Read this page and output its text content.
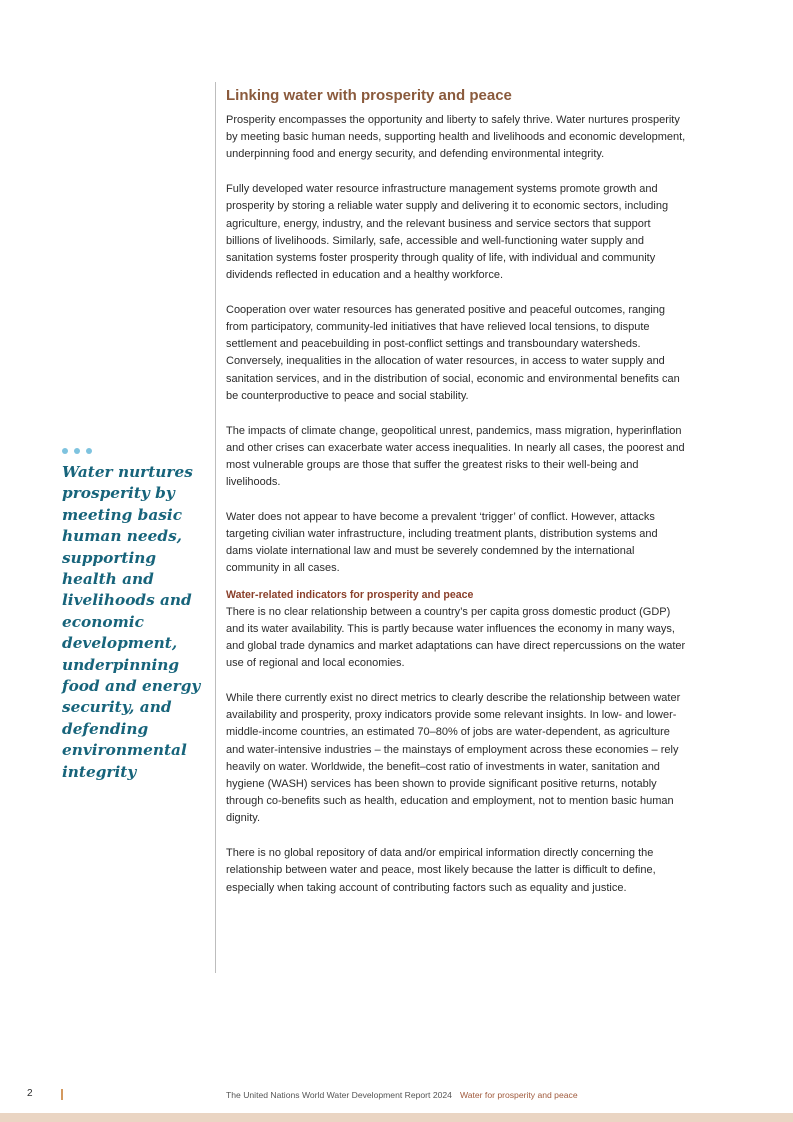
Water nurtures prosperity by meeting basic human needs, supporting health and livelihoods and economic development, underpinning food and energy security, and defending environmental integrity

Linking water with prosperity and peace

Prosperity encompasses the opportunity and liberty to safely thrive. Water nurtures prosperity by meeting basic human needs, supporting health and livelihoods and economic development, underpinning food and energy security, and defending environmental integrity.

Fully developed water resource infrastructure management systems promote growth and prosperity by storing a reliable water supply and delivering it to economic sectors, including agriculture, energy, industry, and the relevant business and service sectors that support billions of livelihoods. Similarly, safe, accessible and well-functioning water supply and sanitation systems foster prosperity through quality of life, with individual and community dividends reflected in education and a healthy workforce.

Cooperation over water resources has generated positive and peaceful outcomes, ranging from participatory, community-led initiatives that have relieved local tensions, to dispute settlement and peacebuilding in post-conflict settings and transboundary watersheds. Conversely, inequalities in the allocation of water resources, in access to water supply and sanitation services, and in the distribution of social, economic and environmental benefits can be counterproductive to peace and social stability.

The impacts of climate change, geopolitical unrest, pandemics, mass migration, hyperinflation and other crises can exacerbate water access inequalities. In nearly all cases, the poorest and most vulnerable groups are those that suffer the greatest risks to their well-being and livelihoods.

Water does not appear to have become a prevalent ‘trigger’ of conflict. However, attacks targeting civilian water infrastructure, including treatment plants, distribution systems and dams violate international law and must be severely condemned by the international community in all cases.

Water-related indicators for prosperity and peace

There is no clear relationship between a country’s per capita gross domestic product (GDP) and its water availability. This is partly because water influences the economy in many ways, and global trade dynamics and market adaptations can have direct repercussions on the water use of regional and local economies.

While there currently exist no direct metrics to clearly describe the relationship between water availability and prosperity, proxy indicators provide some relevant insights. In low- and lower-middle-income countries, an estimated 70–80% of jobs are water-dependent, as agriculture and water-intensive industries – the mainstays of employment across these economies – rely heavily on water. Worldwide, the benefit–cost ratio of investments in water, sanitation and hygiene (WASH) services has been shown to provide significant positive returns, notably through co-benefits such as health, education and employment, not to mention basic human dignity.

There is no global repository of data and/or empirical information directly concerning the relationship between water and peace, most likely because the latter is difficult to define, especially when taking account of contributing factors such as equality and justice.

2	The United Nations World Water Development Report 2024 Water for prosperity and peace
